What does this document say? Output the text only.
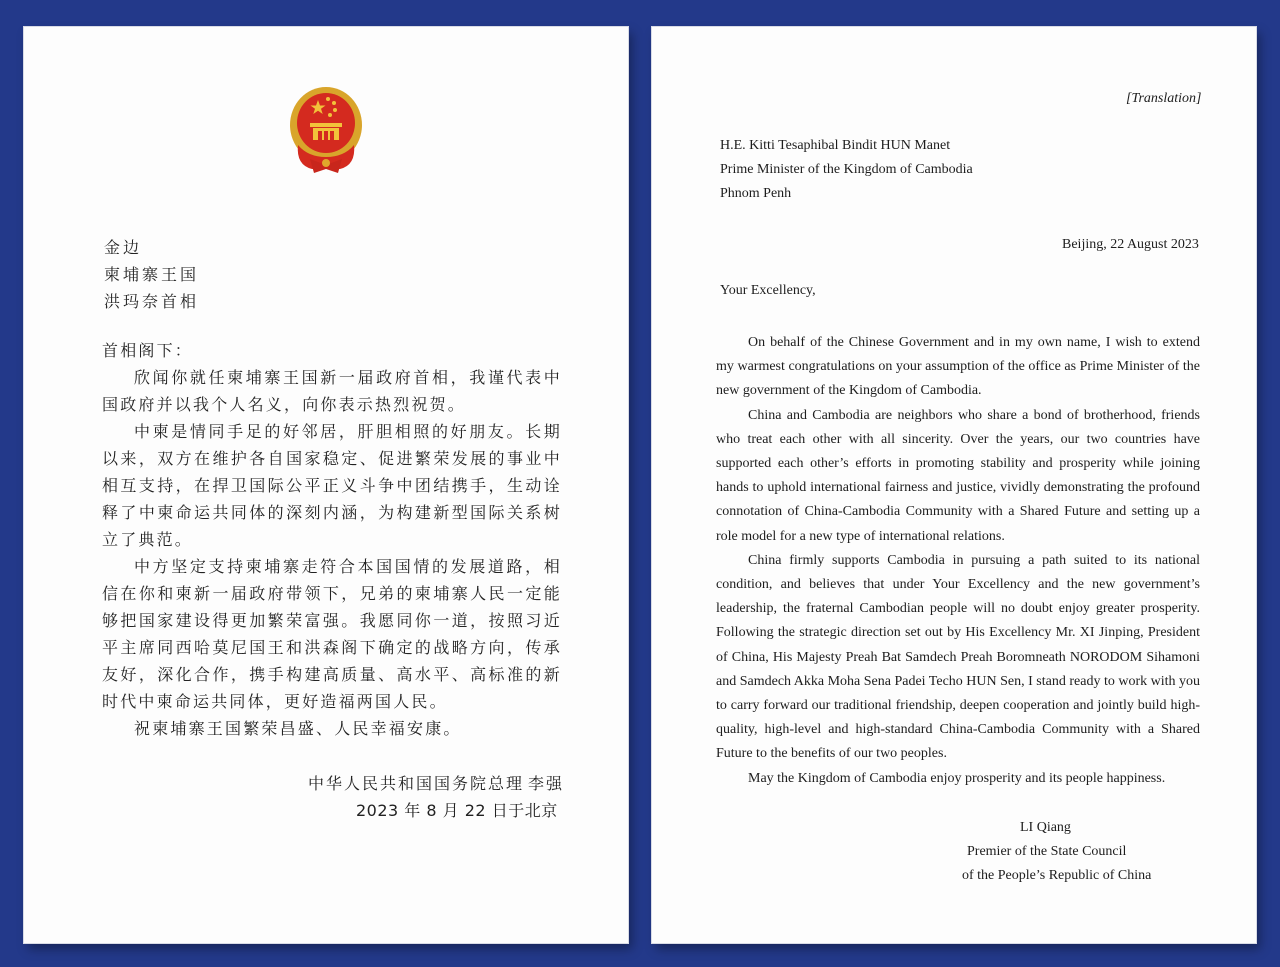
金边
柬埔寨王国
洪玛奈首相

首相阁下：

欣闻你就任柬埔寨王国新一届政府首相，我谨代表中国政府并以我个人名义，向你表示热烈祝贺。

中柬是情同手足的好邻居，肝胆相照的好朋友。长期以来，双方在维护各自国家稳定、促进繁荣发展的事业中相互支持，在捍卫国际公平正义斗争中团结携手，生动诠释了中柬命运共同体的深刻内涵，为构建新型国际关系树立了典范。

中方坚定支持柬埔寨走符合本国国情的发展道路，相信在你和柬新一届政府带领下，兄弟的柬埔寨人民一定能够把国家建设得更加繁荣富强。我愿同你一道，按照习近平主席同西哈莫尼国王和洪森阁下确定的战略方向，传承友好，深化合作，携手构建高质量、高水平、高标准的新时代中柬命运共同体，更好造福两国人民。

祝柬埔寨王国繁荣昌盛、人民幸福安康。

中华人民共和国国务院总理 李强
2023 年 8 月 22 日于北京
[Translation]
H.E. Kitti Tesaphibal Bindit HUN Manet
Prime Minister of the Kingdom of Cambodia
Phnom Penh
Beijing, 22 August 2023
Your Excellency,

On behalf of the Chinese Government and in my own name, I wish to extend my warmest congratulations on your assumption of the office as Prime Minister of the new government of the Kingdom of Cambodia.

China and Cambodia are neighbors who share a bond of brotherhood, friends who treat each other with all sincerity. Over the years, our two countries have supported each other’s efforts in promoting stability and prosperity while joining hands to uphold international fairness and justice, vividly demonstrating the profound connotation of China-Cambodia Community with a Shared Future and setting up a role model for a new type of international relations.

China firmly supports Cambodia in pursuing a path suited to its national condition, and believes that under Your Excellency and the new government’s leadership, the fraternal Cambodian people will no doubt enjoy greater prosperity. Following the strategic direction set out by His Excellency Mr. XI Jinping, President of China, His Majesty Preah Bat Samdech Preah Boromneath NORODOM Sihamoni and Samdech Akka Moha Sena Padei Techo HUN Sen, I stand ready to work with you to carry forward our traditional friendship, deepen cooperation and jointly build high-quality, high-level and high-standard China-Cambodia Community with a Shared Future to the benefits of our two peoples.

May the Kingdom of Cambodia enjoy prosperity and its people happiness.

LI Qiang
Premier of the State Council
of the People’s Republic of China
